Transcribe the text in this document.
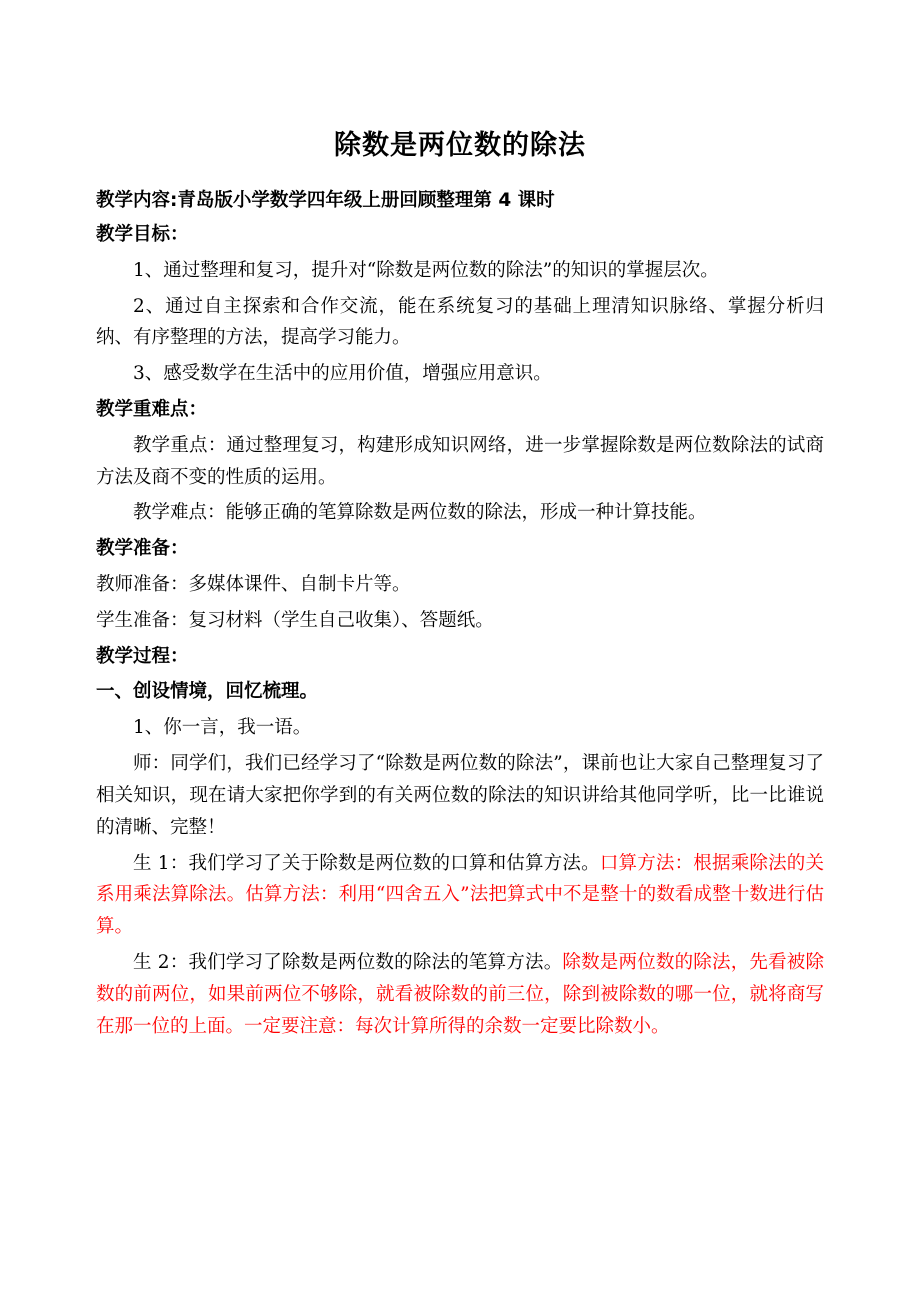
除数是两位数的除法

教学内容:青岛版小学数学四年级上册回顾整理第 4 课时

教学目标：

1、通过整理和复习，提升对“除数是两位数的除法”的知识的掌握层次。

2、通过自主探索和合作交流，能在系统复习的基础上理清知识脉络、掌握分析归纳、有序整理的方法，提高学习能力。

3、感受数学在生活中的应用价值，增强应用意识。

教学重难点：

教学重点：通过整理复习，构建形成知识网络，进一步掌握除数是两位数除法的试商方法及商不变的性质的运用。

教学难点：能够正确的笔算除数是两位数的除法，形成一种计算技能。

教学准备：

教师准备：多媒体课件、自制卡片等。

学生准备：复习材料（学生自己收集）、答题纸。

教学过程：

一、创设情境，回忆梳理。

1、你一言，我一语。

师：同学们，我们已经学习了“除数是两位数的除法”，课前也让大家自己整理复习了相关知识，现在请大家把你学到的有关两位数的除法的知识讲给其他同学听，比一比谁说的清晰、完整！

生 1：我们学习了关于除数是两位数的口算和估算方法。口算方法：根据乘除法的关系用乘法算除法。估算方法：利用“四舍五入”法把算式中不是整十的数看成整十数进行估算。

生 2：我们学习了除数是两位数的除法的笔算方法。除数是两位数的除法，先看被除数的前两位，如果前两位不够除，就看被除数的前三位，除到被除数的哪一位，就将商写在那一位的上面。一定要注意：每次计算所得的余数一定要比除数小。
